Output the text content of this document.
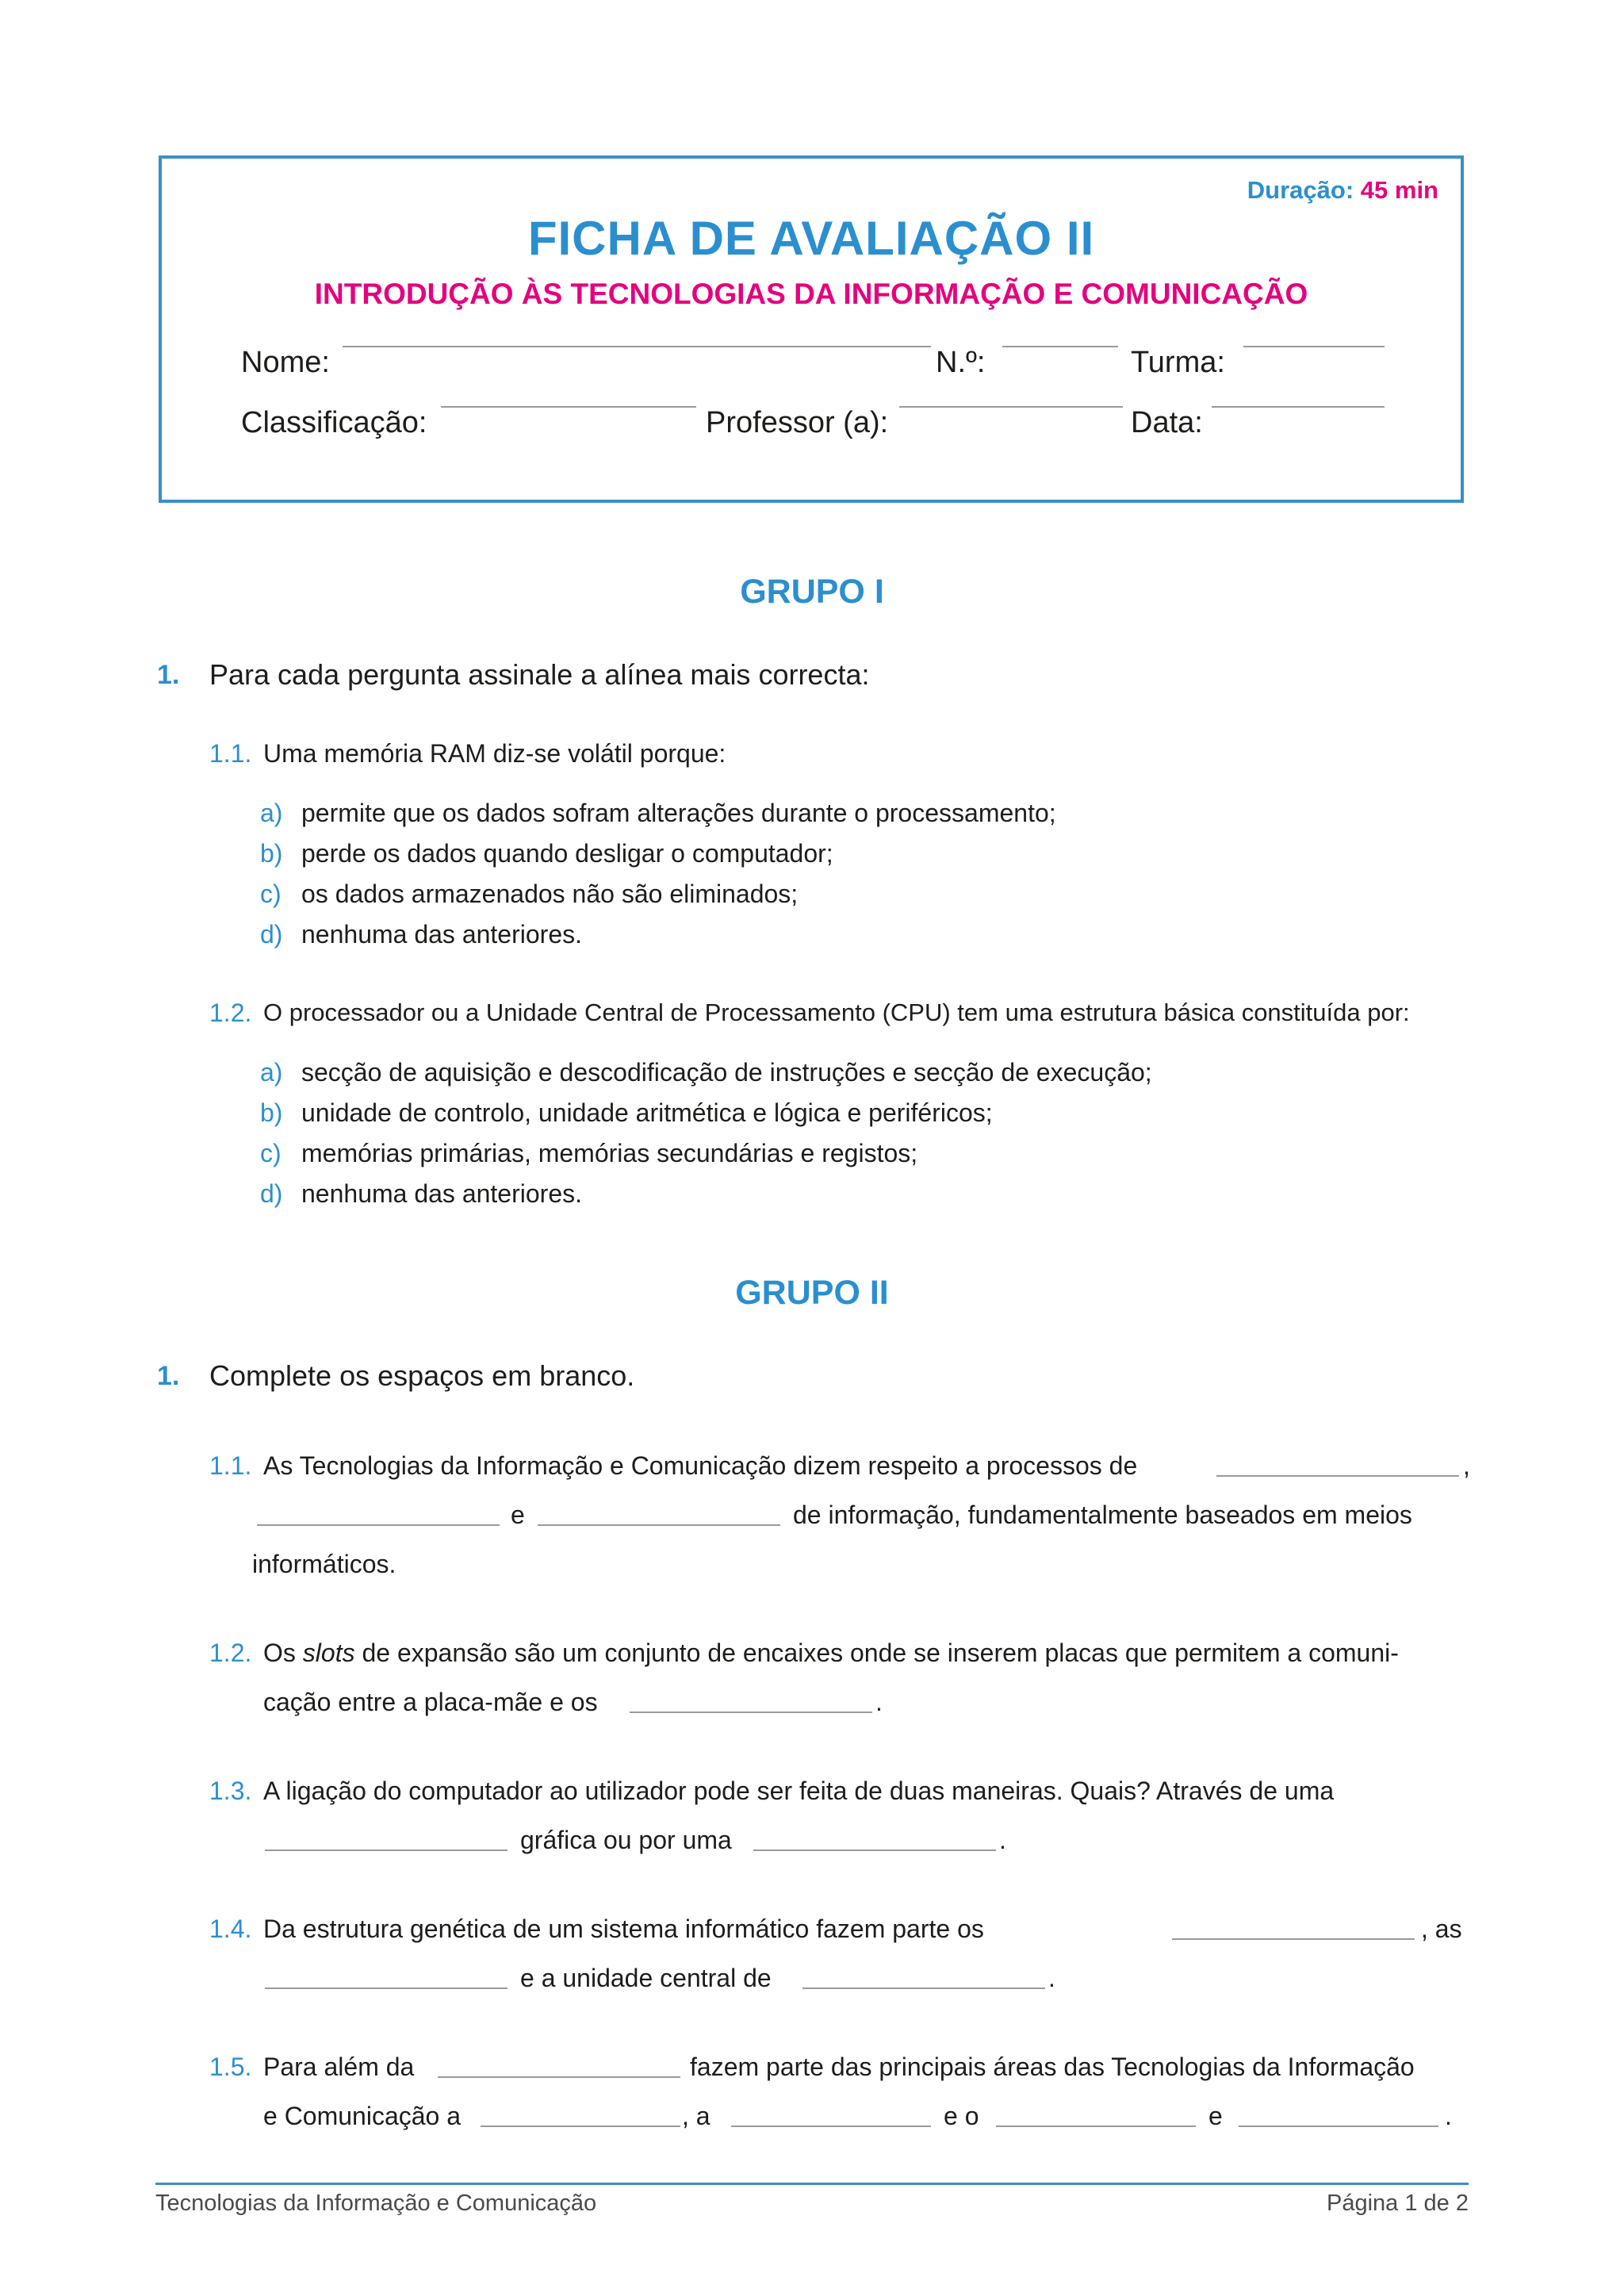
Duração: 45 min
FICHA DE AVALIAÇÃO II
INTRODUÇÃO ÀS TECNOLOGIAS DA INFORMAÇÃO E COMUNICAÇÃO
Nome:	N.º:	Turma:
Classificação:	Professor (a):	Data:
GRUPO I
1. Para cada pergunta assinale a alínea mais correcta:
1.1. Uma memória RAM diz-se volátil porque:
a) permite que os dados sofram alterações durante o processamento;
b) perde os dados quando desligar o computador;
c) os dados armazenados não são eliminados;
d) nenhuma das anteriores.
1.2. O processador ou a Unidade Central de Processamento (CPU) tem uma estrutura básica constituída por:
a) secção de aquisição e descodificação de instruções e secção de execução;
b) unidade de controlo, unidade aritmética e lógica e periféricos;
c) memórias primárias, memórias secundárias e registos;
d) nenhuma das anteriores.
GRUPO II
1. Complete os espaços em branco.
1.1. As Tecnologias da Informação e Comunicação dizem respeito a processos de	,
e	de informação, fundamentalmente baseados em meios
informáticos.
1.2. Os slots de expansão são um conjunto de encaixes onde se inserem placas que permitem a comuni-
cação entre a placa-mãe e os	.
1.3. A ligação do computador ao utilizador pode ser feita de duas maneiras. Quais? Através de uma
gráfica ou por uma	.
1.4. Da estrutura genética de um sistema informático fazem parte os	, as
e a unidade central de	.
1.5. Para além da	fazem parte das principais áreas das Tecnologias da Informação
e Comunicação a	, a	e o	e	.
Tecnologias da Informação e Comunicação	Página 1 de 2
